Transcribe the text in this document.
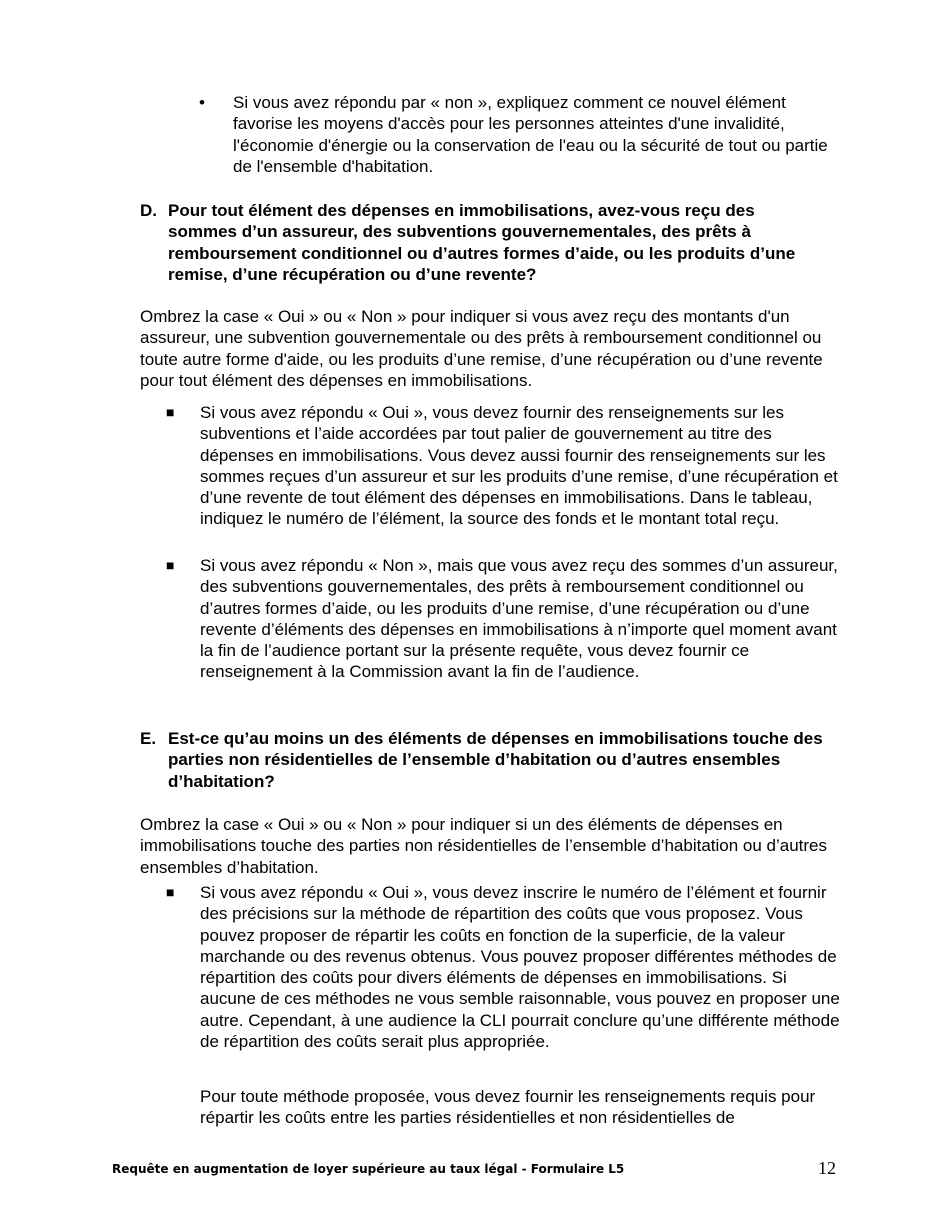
• Si vous avez répondu par « non », expliquez comment ce nouvel élément favorise les moyens d'accès pour les personnes atteintes d'une invalidité, l'économie d'énergie ou la conservation de l'eau ou la sécurité de tout ou partie de l'ensemble d'habitation.

D. Pour tout élément des dépenses en immobilisations, avez-vous reçu des sommes d’un assureur, des subventions gouvernementales, des prêts à remboursement conditionnel ou d’autres formes d’aide, ou les produits d’une remise, d’une récupération ou d’une revente?

Ombrez la case « Oui » ou « Non » pour indiquer si vous avez reçu des montants d'un assureur, une subvention gouvernementale ou des prêts à remboursement conditionnel ou toute autre forme d'aide, ou les produits d’une remise, d’une récupération ou d’une revente pour tout élément des dépenses en immobilisations.

■ Si vous avez répondu « Oui », vous devez fournir des renseignements sur les subventions et l’aide accordées par tout palier de gouvernement au titre des dépenses en immobilisations. Vous devez aussi fournir des renseignements sur les sommes reçues d’un assureur et sur les produits d’une remise, d’une récupération et d’une revente de tout élément des dépenses en immobilisations. Dans le tableau, indiquez le numéro de l’élément, la source des fonds et le montant total reçu.

■ Si vous avez répondu « Non », mais que vous avez reçu des sommes d’un assureur, des subventions gouvernementales, des prêts à remboursement conditionnel ou d’autres formes d’aide, ou les produits d’une remise, d’une récupération ou d’une revente d’éléments des dépenses en immobilisations à n’importe quel moment avant la fin de l’audience portant sur la présente requête, vous devez fournir ce renseignement à la Commission avant la fin de l’audience.

E. Est-ce qu’au moins un des éléments de dépenses en immobilisations touche des parties non résidentielles de l’ensemble d’habitation ou d’autres ensembles d’habitation?

Ombrez la case « Oui » ou « Non » pour indiquer si un des éléments de dépenses en immobilisations touche des parties non résidentielles de l’ensemble d’habitation ou d’autres ensembles d’habitation.

■ Si vous avez répondu « Oui », vous devez inscrire le numéro de l’élément et fournir des précisions sur la méthode de répartition des coûts que vous proposez. Vous pouvez proposer de répartir les coûts en fonction de la superficie, de la valeur marchande ou des revenus obtenus. Vous pouvez proposer différentes méthodes de répartition des coûts pour divers éléments de dépenses en immobilisations. Si aucune de ces méthodes ne vous semble raisonnable, vous pouvez en proposer une autre. Cependant, à une audience la CLI pourrait conclure qu’une différente méthode de répartition des coûts serait plus appropriée.

Pour toute méthode proposée, vous devez fournir les renseignements requis pour répartir les coûts entre les parties résidentielles et non résidentielles de

Requête en augmentation de loyer supérieure au taux légal - Formulaire L5	12
